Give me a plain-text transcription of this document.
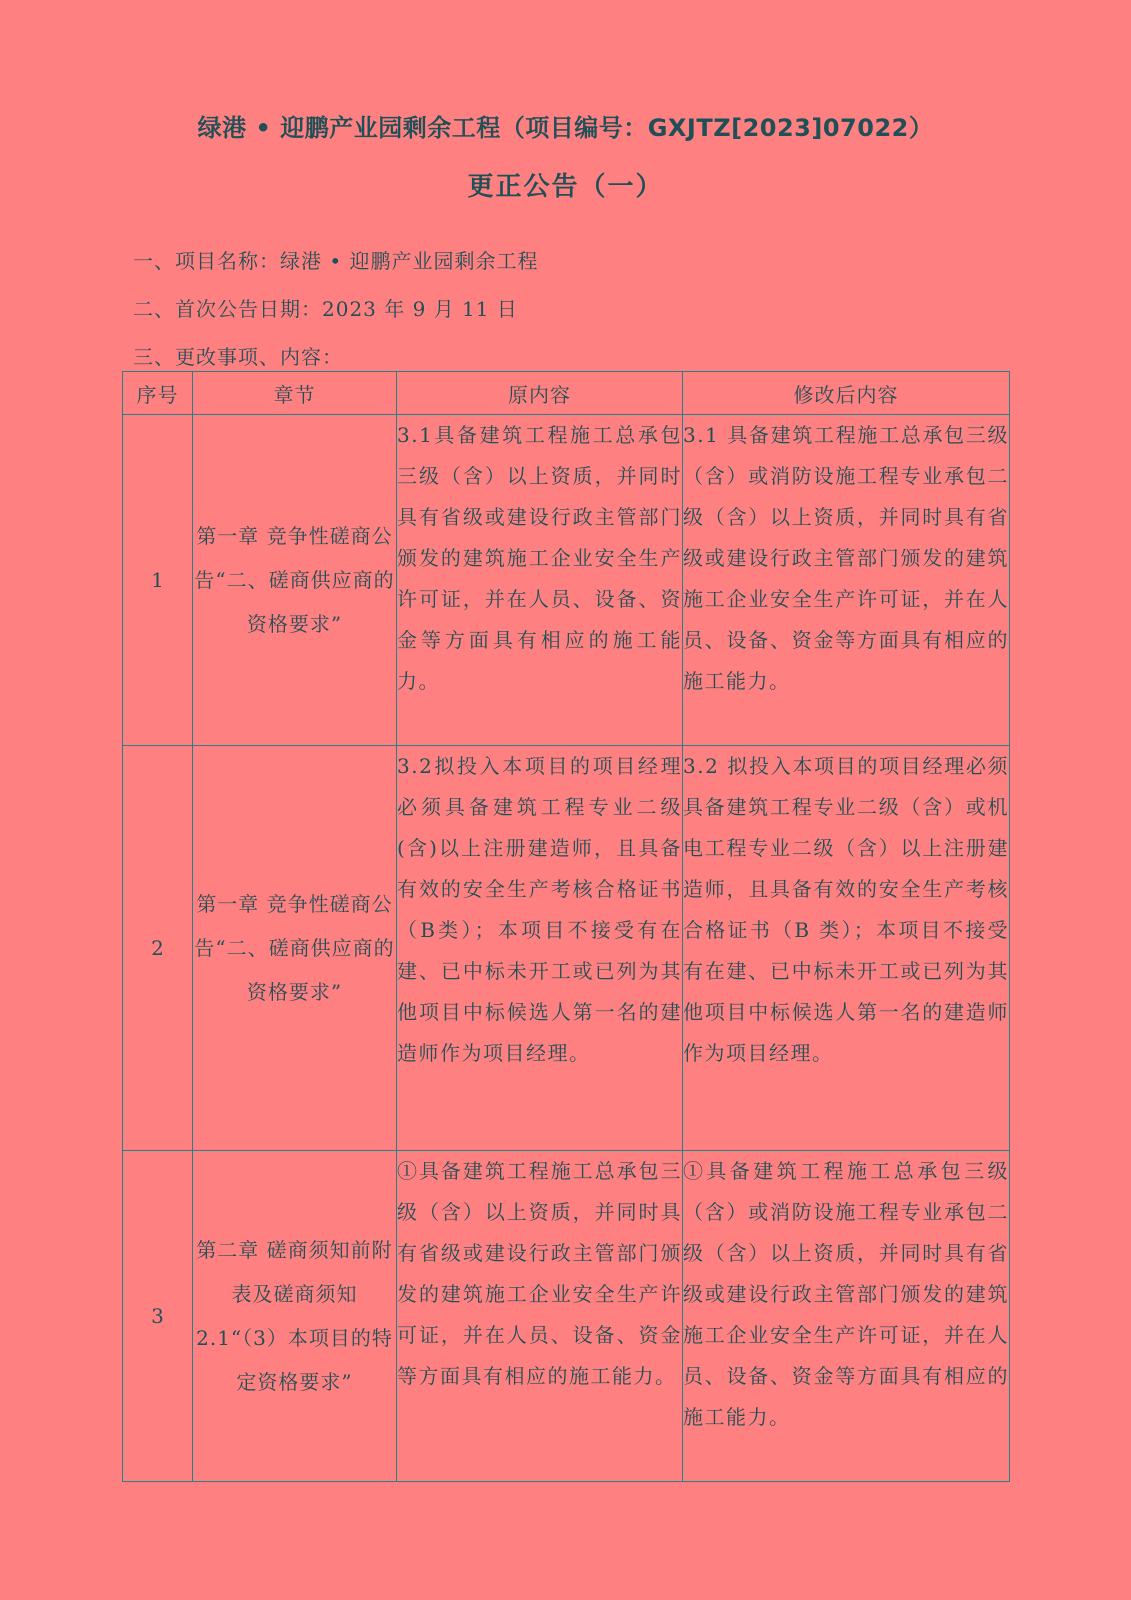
绿港 • 迎鹏产业园剩余工程（项目编号：GXJTZ[2023]07022）
更正公告（一）

一、项目名称：绿港 • 迎鹏产业园剩余工程

二、首次公告日期：2023 年 9 月 11 日

三、更改事项、内容：

序号	章节	原内容	修改后内容
1	第一章 竞争性磋商公告“二、磋商供应商的资格要求”	3.1具备建筑工程施工总承包三级（含）以上资质，并同时具有省级或建设行政主管部门颁发的建筑施工企业安全生产许可证，并在人员、设备、资金等方面具有相应的施工能力。	3.1 具备建筑工程施工总承包三级（含）或消防设施工程专业承包二级（含）以上资质，并同时具有省级或建设行政主管部门颁发的建筑施工企业安全生产许可证，并在人员、设备、资金等方面具有相应的施工能力。
2	第一章 竞争性磋商公告“二、磋商供应商的资格要求”	3.2拟投入本项目的项目经理必须具备建筑工程专业二级(含)以上注册建造师，且具备有效的安全生产考核合格证书（B类）；本项目不接受有在建、已中标未开工或已列为其他项目中标候选人第一名的建造师作为项目经理。	3.2 拟投入本项目的项目经理必须具备建筑工程专业二级（含）或机电工程专业二级（含）以上注册建造师，且具备有效的安全生产考核合格证书（B 类）；本项目不接受有在建、已中标未开工或已列为其他项目中标候选人第一名的建造师作为项目经理。
3	第二章 磋商须知前附表及磋商须知 2.1“（3）本项目的特定资格要求”	①具备建筑工程施工总承包三级（含）以上资质，并同时具有省级或建设行政主管部门颁发的建筑施工企业安全生产许可证，并在人员、设备、资金等方面具有相应的施工能力。	①具备建筑工程施工总承包三级（含）或消防设施工程专业承包二级（含）以上资质，并同时具有省级或建设行政主管部门颁发的建筑施工企业安全生产许可证，并在人员、设备、资金等方面具有相应的施工能力。
